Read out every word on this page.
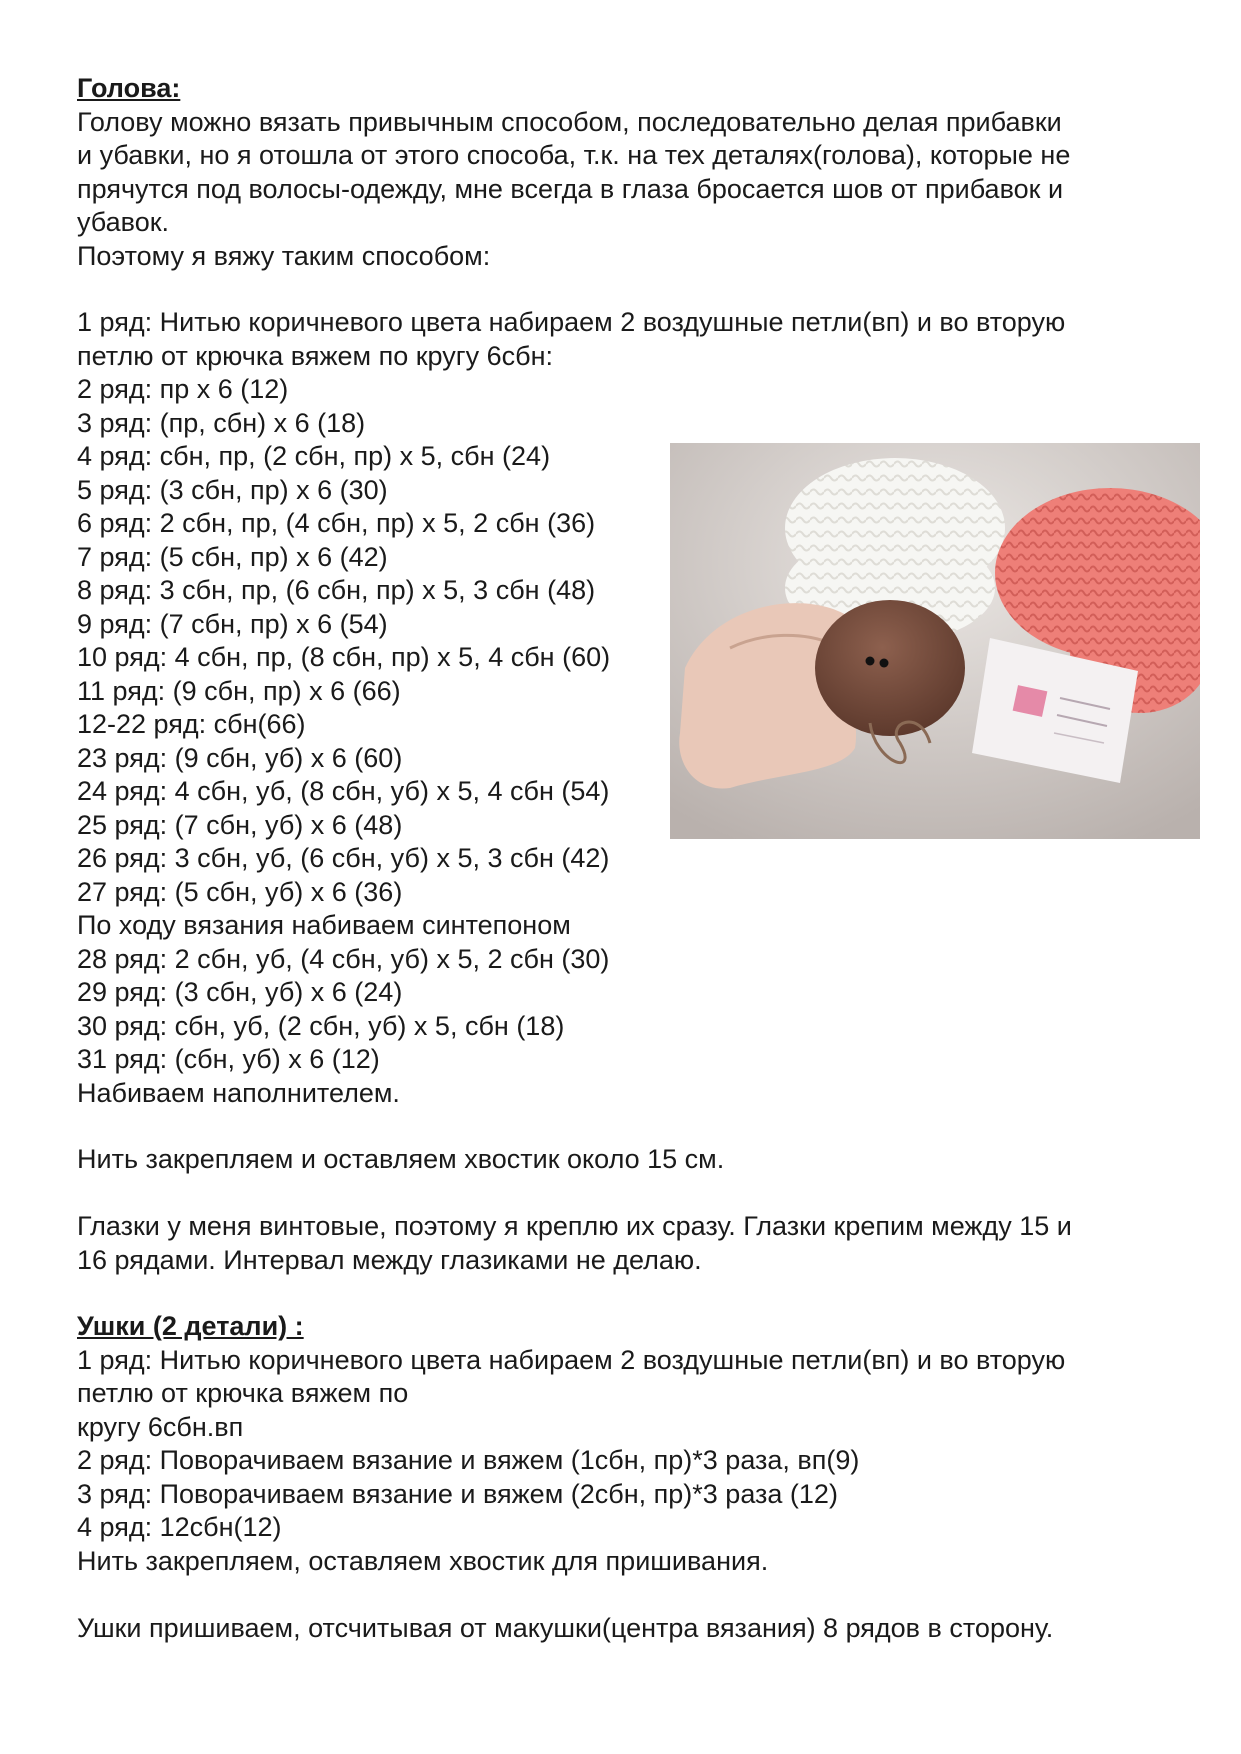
Голова:
Голову можно вязать привычным способом, последовательно делая прибавки
и убавки, но я отошла от этого способа, т.к. на тех деталях(голова), которые не
прячутся под волосы-одежду, мне всегда в глаза бросается шов от прибавок и
убавок.
Поэтому я вяжу таким способом:
1 ряд: Нитью коричневого цвета набираем 2 воздушные петли(вп) и во вторую
петлю от крючка вяжем по кругу 6сбн:
2 ряд: пр х 6 (12)
3 ряд: (пр, сбн) х 6 (18)
4 ряд: сбн, пр, (2 сбн, пр) х 5, сбн (24)
5 ряд: (3 сбн, пр) х 6 (30)
6 ряд: 2 сбн, пр, (4 сбн, пр) х 5, 2 сбн (36)
7 ряд: (5 сбн, пр) х 6 (42)
8 ряд: 3 сбн, пр, (6 сбн, пр) х 5, 3 сбн (48)
9 ряд: (7 сбн, пр) х 6 (54)
10 ряд: 4 сбн, пр, (8 сбн, пр) х 5, 4 сбн (60)
11 ряд: (9 сбн, пр) х 6 (66)
12-22 ряд: сбн(66)
23 ряд: (9 сбн, уб) х 6 (60)
24 ряд: 4 сбн, уб, (8 сбн, уб) х 5, 4 сбн (54)
25 ряд: (7 сбн, уб) х 6 (48)
26 ряд: 3 сбн, уб, (6 сбн, уб) х 5, 3 сбн (42)
27 ряд: (5 сбн, уб) х 6 (36)
По ходу вязания набиваем синтепоном
28 ряд: 2 сбн, уб, (4 сбн, уб) х 5, 2 сбн (30)
29 ряд: (3 сбн, уб) х 6 (24)
30 ряд: сбн, уб, (2 сбн, уб) х 5, сбн (18)
31 ряд: (сбн, уб) х 6 (12)
Набиваем наполнителем.
Нить закрепляем и оставляем хвостик около 15 см.
Глазки у меня винтовые, поэтому я креплю их сразу. Глазки крепим между 15 и
16 рядами. Интервал между глазиками не делаю.
Ушки (2 детали) :
1 ряд: Нитью коричневого цвета набираем 2 воздушные петли(вп) и во вторую
петлю от крючка вяжем по
кругу 6сбн.вп
2 ряд: Поворачиваем вязание и вяжем (1сбн, пр)*3 раза, вп(9)
3 ряд: Поворачиваем вязание и вяжем (2сбн, пр)*3 раза (12)
4 ряд: 12сбн(12)
Нить закрепляем, оставляем хвостик для пришивания.
Ушки пришиваем, отсчитывая от макушки(центра вязания) 8 рядов в сторону.
